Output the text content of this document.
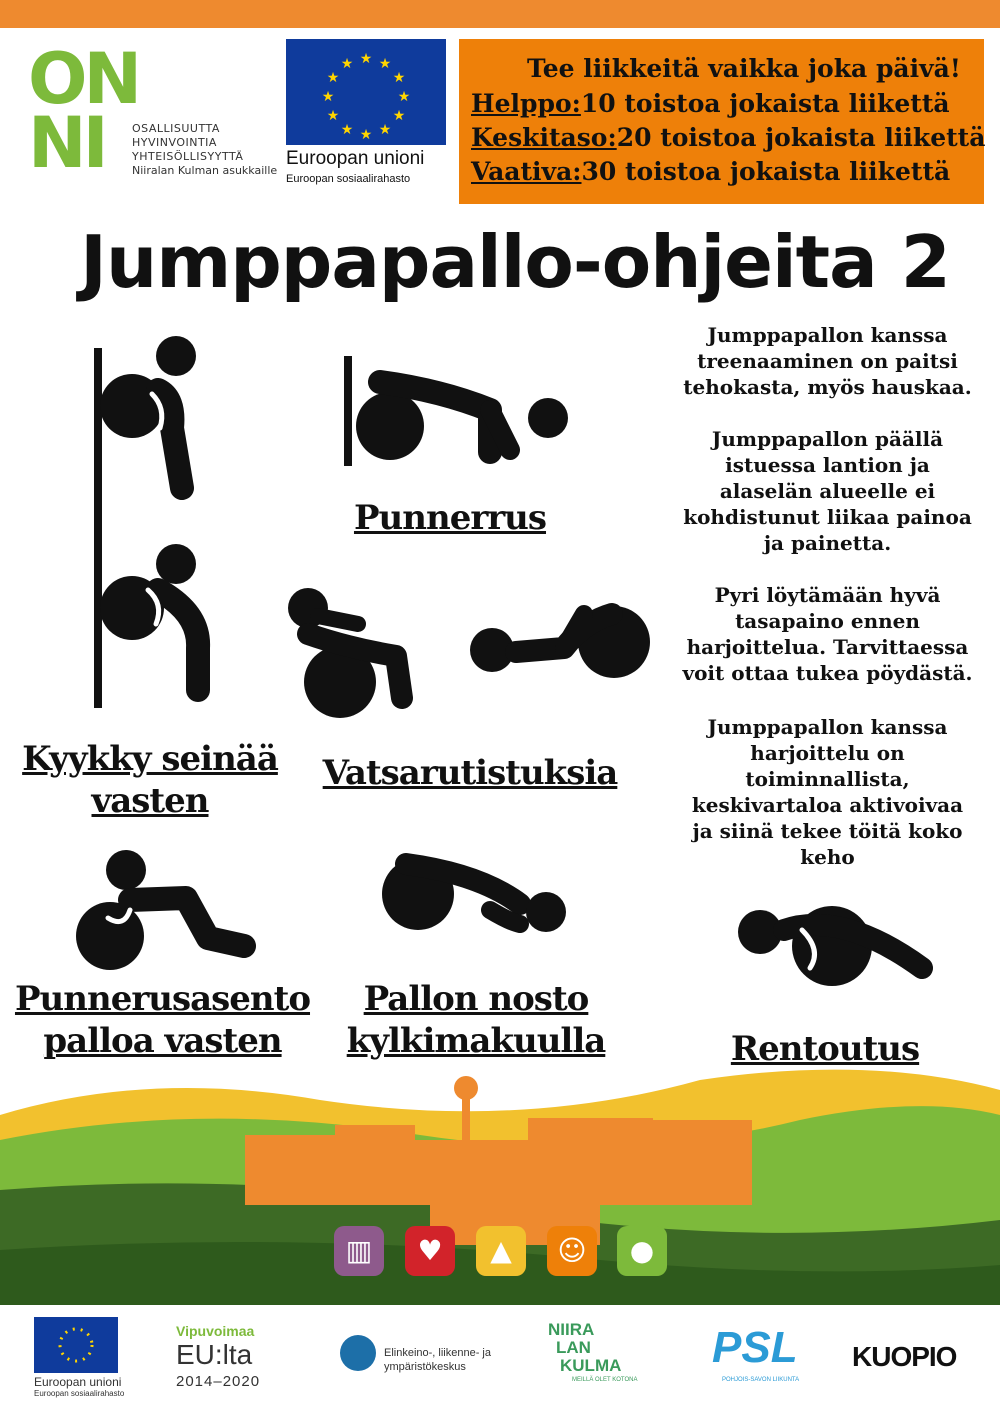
ON
NI OSALLISUUTTA
HYVINVOINTIA
YHTEISÖLLISYYTTÄ
Niiralan Kulman asukkaille
★ ★
★
★
★
★
★
★
★
★
★
★
Euroopan unioni
Euroopan sosiaalirahasto
Tee liikkeitä vaikka joka päivä!
Helppo:10 toistoa jokaista liikettä
Keskitaso:20 toistoa jokaista liikettä
Vaativa:30 toistoa jokaista liikettä
Jumppapallo-ohjeita 2
Kyykky seinää vasten
Punnerrus
Vatsarutistuksia
Punnerusasento palloa vasten
Pallon nosto kylkimakuulla	Rentoutus
Jumppapallon kanssa treenaaminen on paitsi tehokasta, myös hauskaa.
Jumppapallon päällä istuessa lantion ja alaselän alueelle ei kohdistunut liikaa painoa ja painetta.
Pyri löytämään hyvä tasapaino ennen harjoittelua. Tarvittaessa voit ottaa tukea pöydästä.
Jumppapallon kanssa harjoittelu on toiminnallista, keskivartaloa aktivoivaa ja siinä tekee töitä koko keho
▥	♥	▲	☺	●
Euroopan unioni
Euroopan sosiaalirahasto
Vipuvoimaa
EU:lta
2014–2020
Elinkeino-, liikenne- ja
ympäristökeskus
NIIRA
LAN
KULMA
MEILLÄ OLET KOTONA
PSL
POHJOIS-SAVON LIIKUNTA
KUOPIO
